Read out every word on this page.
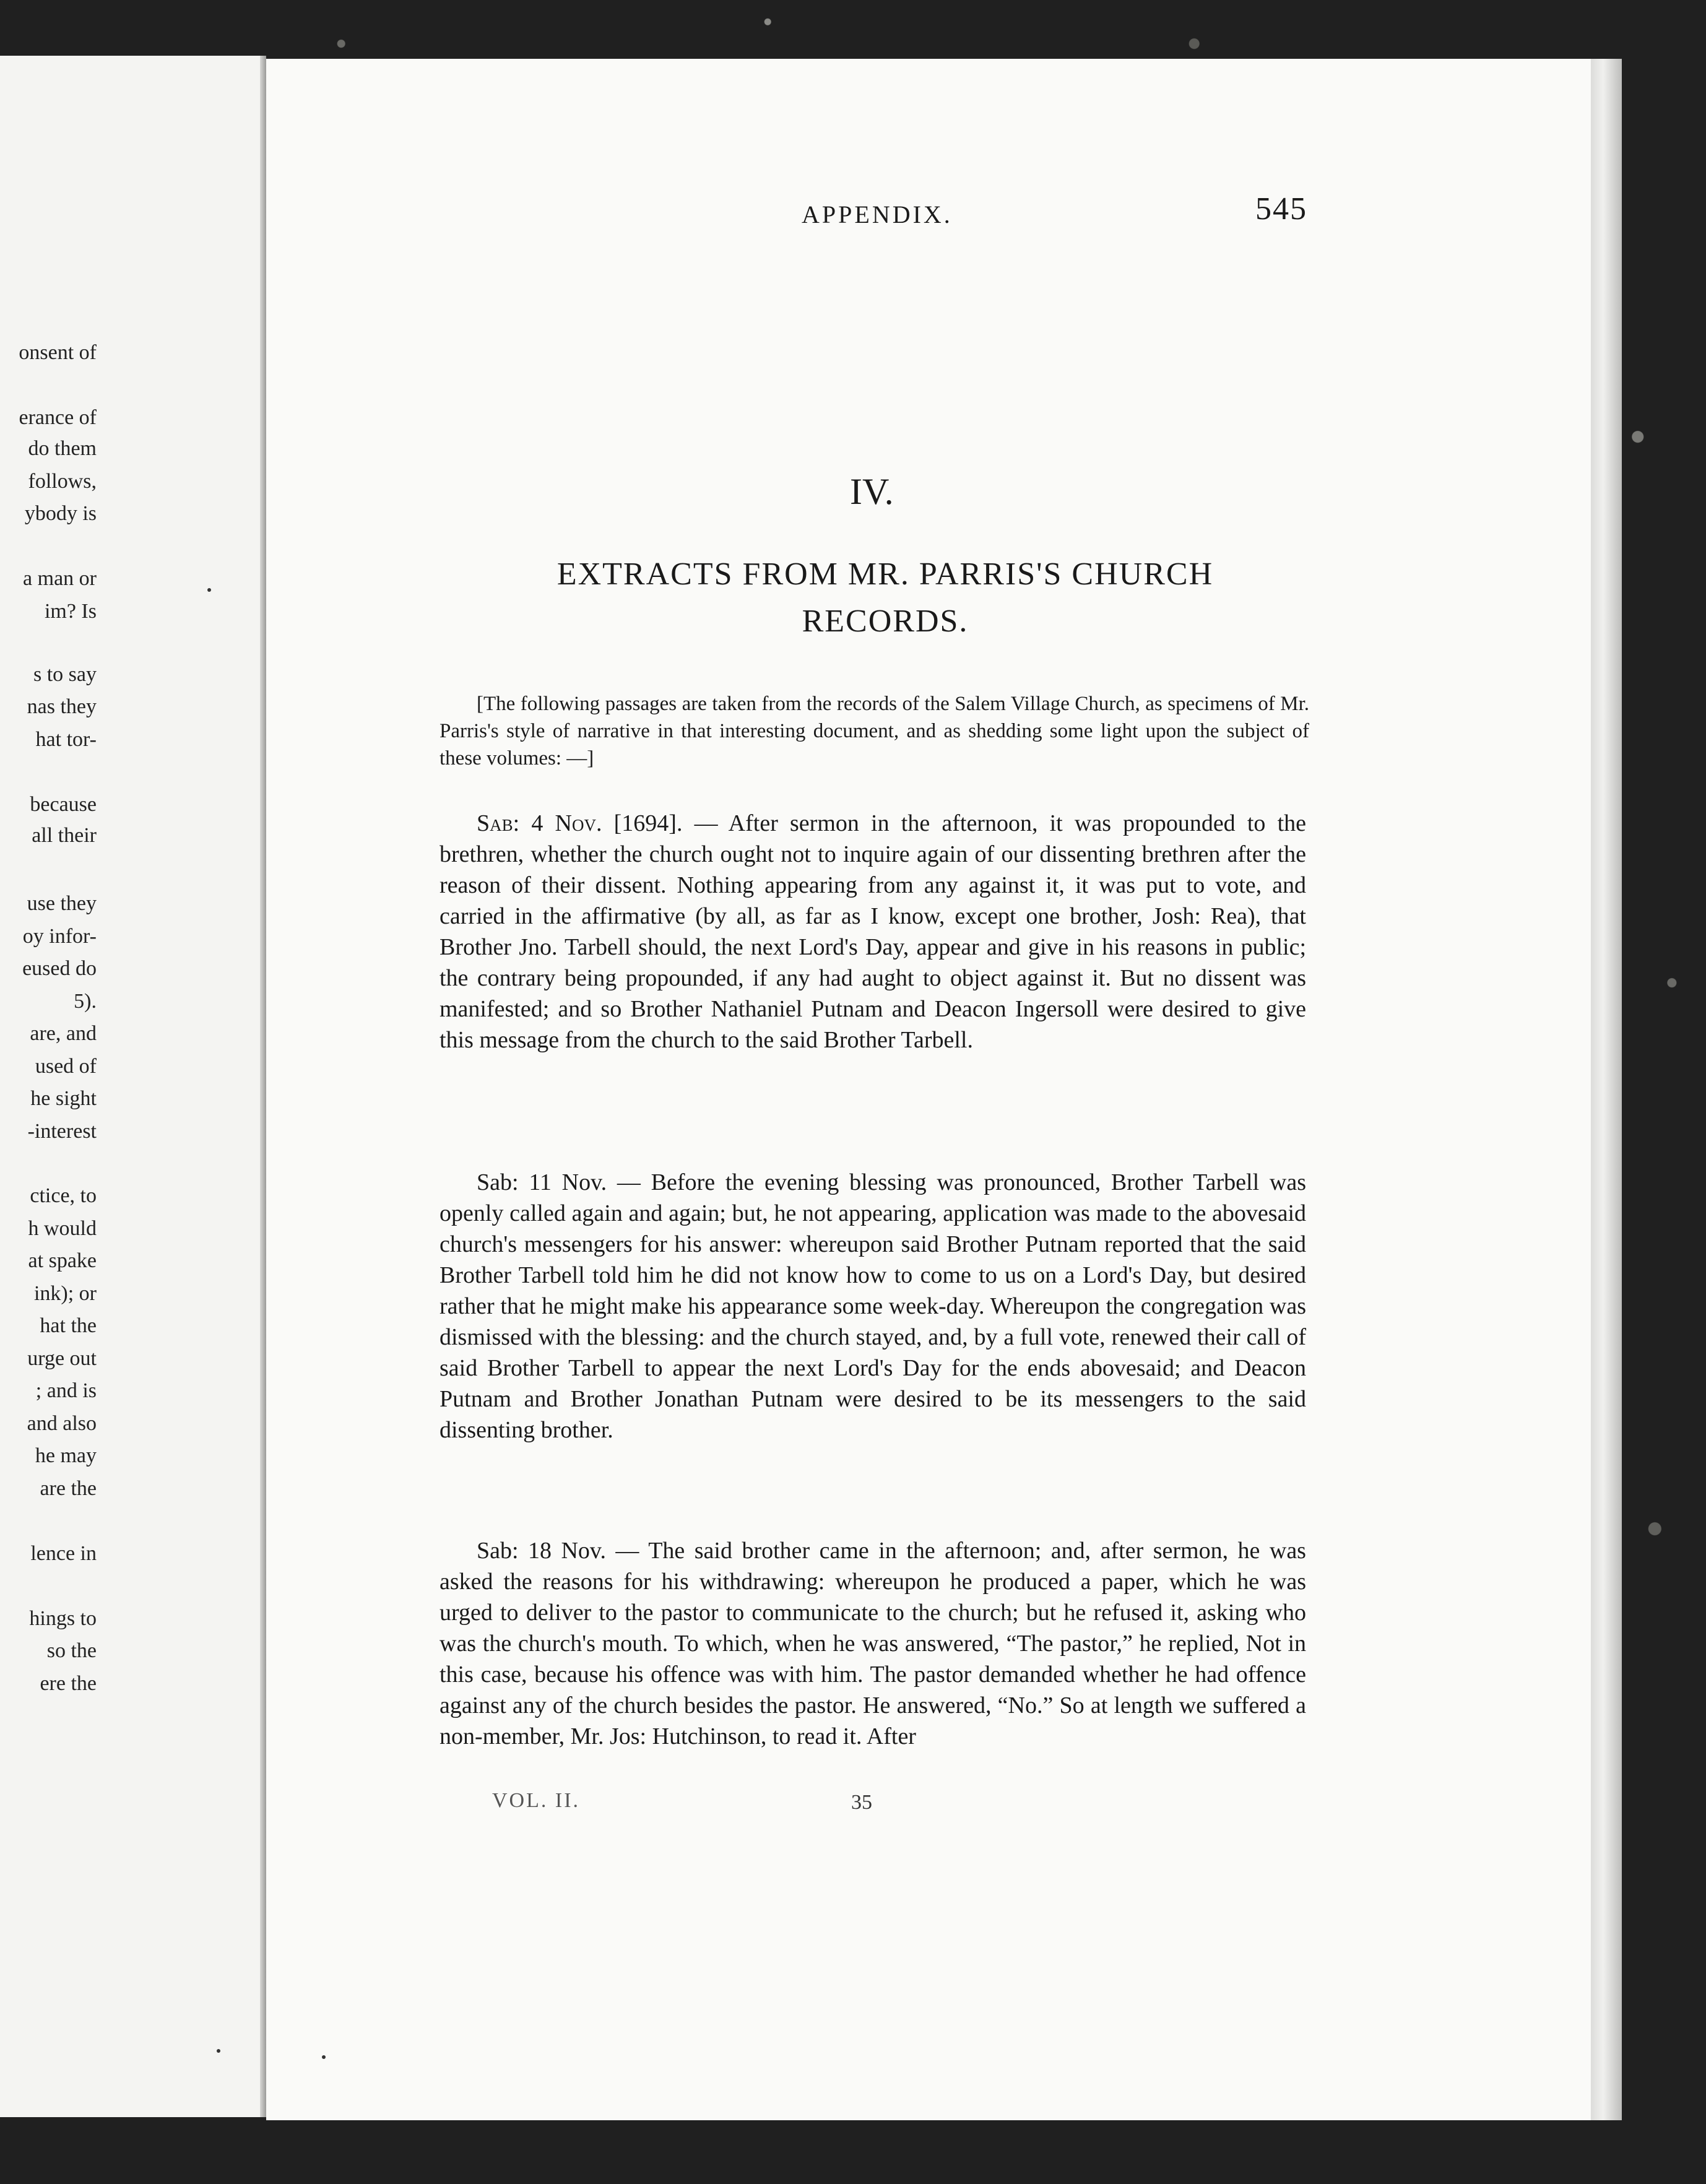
onsent of
erance of
do them
follows,
ybody is
a man or
im? Is
s to say
nas they
hat tor-
because
all their
use they
oy infor-
eused do
5).
are, and
used of
he sight
-interest
ctice, to
h would
at spake
ink); or
hat the
urge out
; and is
and also
he may
are the
lence in
hings to
so the
ere the
APPENDIX.	545
IV.
EXTRACTS FROM MR. PARRIS'S CHURCH
RECORDS.
[The following passages are taken from the records of the Salem Village Church, as specimens of Mr. Parris's style of narrative in that interesting document, and as shedding some light upon the subject of these volumes: —]
Sab: 4 Nov. [1694]. — After sermon in the afternoon, it was propounded to the brethren, whether the church ought not to inquire again of our dissenting brethren after the reason of their dissent. Nothing appearing from any against it, it was put to vote, and carried in the affirmative (by all, as far as I know, except one brother, Josh: Rea), that Brother Jno. Tarbell should, the next Lord's Day, appear and give in his reasons in public; the contrary being propounded, if any had aught to object against it. But no dissent was manifested; and so Brother Nathaniel Putnam and Deacon Ingersoll were desired to give this message from the church to the said Brother Tarbell.
Sab: 11 Nov. — Before the evening blessing was pronounced, Brother Tarbell was openly called again and again; but, he not appearing, application was made to the abovesaid church's messengers for his answer: whereupon said Brother Putnam reported that the said Brother Tarbell told him he did not know how to come to us on a Lord's Day, but desired rather that he might make his appearance some week-day. Whereupon the congregation was dismissed with the blessing: and the church stayed, and, by a full vote, renewed their call of said Brother Tarbell to appear the next Lord's Day for the ends abovesaid; and Deacon Putnam and Brother Jonathan Putnam were desired to be its messengers to the said dissenting brother.
Sab: 18 Nov. — The said brother came in the afternoon; and, after sermon, he was asked the reasons for his withdrawing: whereupon he produced a paper, which he was urged to deliver to the pastor to communicate to the church; but he refused it, asking who was the church's mouth. To which, when he was answered, “The pastor,” he replied, Not in this case, because his offence was with him. The pastor demanded whether he had offence against any of the church besides the pastor. He answered, “No.” So at length we suffered a non-member, Mr. Jos: Hutchinson, to read it. After
VOL. II.	35
